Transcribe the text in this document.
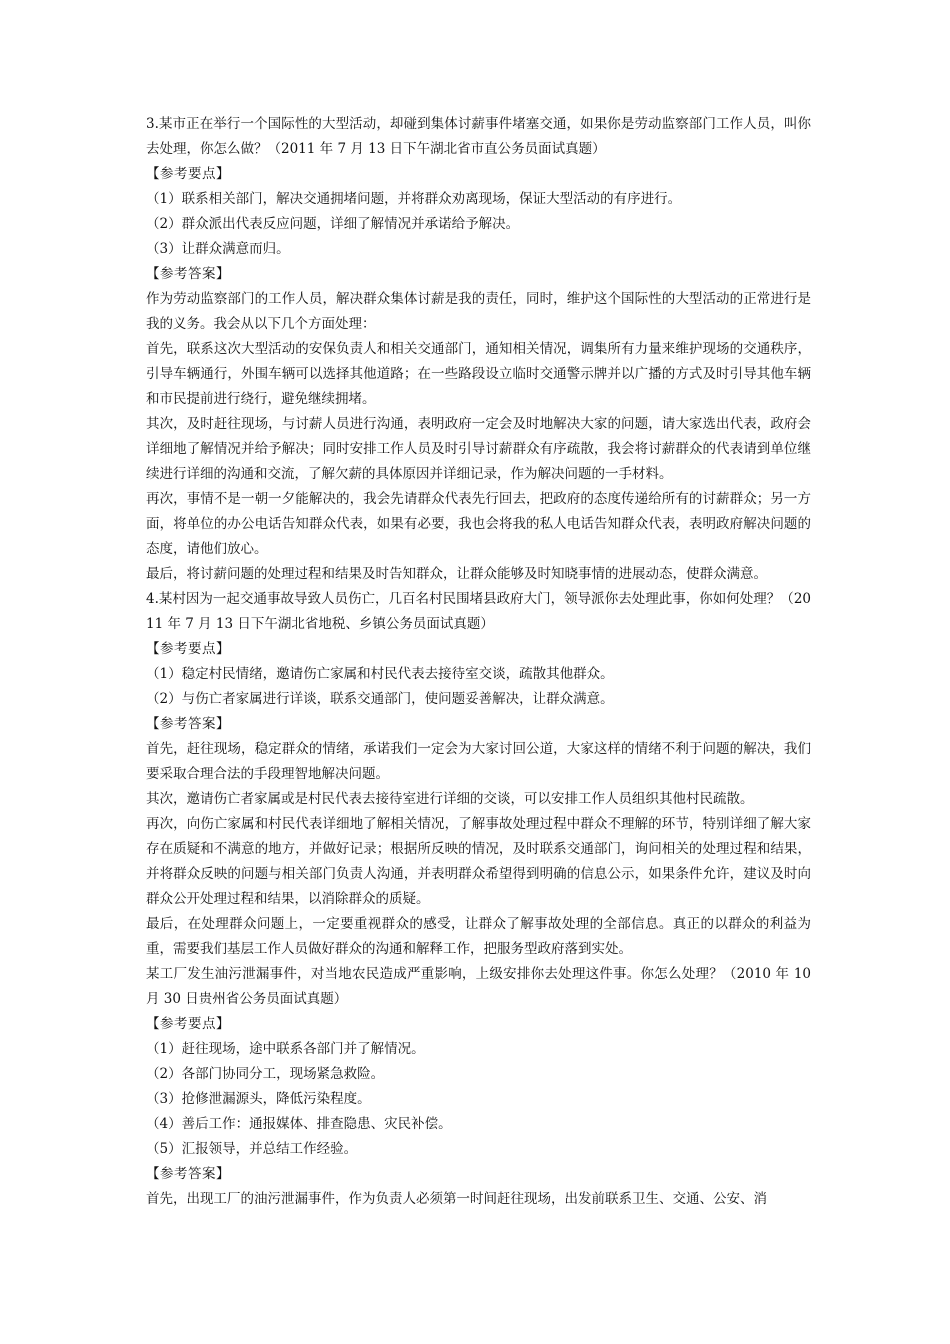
3.某市正在举行一个国际性的大型活动，却碰到集体讨薪事件堵塞交通，如果你是劳动监察部门工作人员，叫你去处理，你怎么做？（2011 年 7 月 13 日下午湖北省市直公务员面试真题）

【参考要点】

（1）联系相关部门，解决交通拥堵问题，并将群众劝离现场，保证大型活动的有序进行。

（2）群众派出代表反应问题，详细了解情况并承诺给予解决。

（3）让群众满意而归。

【参考答案】

作为劳动监察部门的工作人员，解决群众集体讨薪是我的责任，同时，维护这个国际性的大型活动的正常进行是我的义务。我会从以下几个方面处理：

首先，联系这次大型活动的安保负责人和相关交通部门，通知相关情况，调集所有力量来维护现场的交通秩序，引导车辆通行，外围车辆可以选择其他道路；在一些路段设立临时交通警示牌并以广播的方式及时引导其他车辆和市民提前进行绕行，避免继续拥堵。

其次，及时赶往现场，与讨薪人员进行沟通，表明政府一定会及时地解决大家的问题，请大家选出代表，政府会详细地了解情况并给予解决；同时安排工作人员及时引导讨薪群众有序疏散，我会将讨薪群众的代表请到单位继续进行详细的沟通和交流，了解欠薪的具体原因并详细记录，作为解决问题的一手材料。

再次，事情不是一朝一夕能解决的，我会先请群众代表先行回去，把政府的态度传递给所有的讨薪群众；另一方面，将单位的办公电话告知群众代表，如果有必要，我也会将我的私人电话告知群众代表，表明政府解决问题的态度，请他们放心。

最后，将讨薪问题的处理过程和结果及时告知群众，让群众能够及时知晓事情的进展动态，使群众满意。

4.某村因为一起交通事故导致人员伤亡，几百名村民围堵县政府大门，领导派你去处理此事，你如何处理？（2011 年 7 月 13 日下午湖北省地税、乡镇公务员面试真题）

【参考要点】

（1）稳定村民情绪，邀请伤亡家属和村民代表去接待室交谈，疏散其他群众。

（2）与伤亡者家属进行详谈，联系交通部门，使问题妥善解决，让群众满意。

【参考答案】

首先，赶往现场，稳定群众的情绪，承诺我们一定会为大家讨回公道，大家这样的情绪不利于问题的解决，我们要采取合理合法的手段理智地解决问题。

其次，邀请伤亡者家属或是村民代表去接待室进行详细的交谈，可以安排工作人员组织其他村民疏散。

再次，向伤亡家属和村民代表详细地了解相关情况，了解事故处理过程中群众不理解的环节，特别详细了解大家存在质疑和不满意的地方，并做好记录；根据所反映的情况，及时联系交通部门，询问相关的处理过程和结果，并将群众反映的问题与相关部门负责人沟通，并表明群众希望得到明确的信息公示，如果条件允许，建议及时向群众公开处理过程和结果，以消除群众的质疑。

最后，在处理群众问题上，一定要重视群众的感受，让群众了解事故处理的全部信息。真正的以群众的利益为重，需要我们基层工作人员做好群众的沟通和解释工作，把服务型政府落到实处。

某工厂发生油污泄漏事件，对当地农民造成严重影响，上级安排你去处理这件事。你怎么处理？（2010 年 10 月 30 日贵州省公务员面试真题）

【参考要点】

（1）赶往现场，途中联系各部门并了解情况。

（2）各部门协同分工，现场紧急救险。

（3）抢修泄漏源头，降低污染程度。

（4）善后工作：通报媒体、排查隐患、灾民补偿。

（5）汇报领导，并总结工作经验。

【参考答案】

首先，出现工厂的油污泄漏事件，作为负责人必须第一时间赶往现场，出发前联系卫生、交通、公安、消
